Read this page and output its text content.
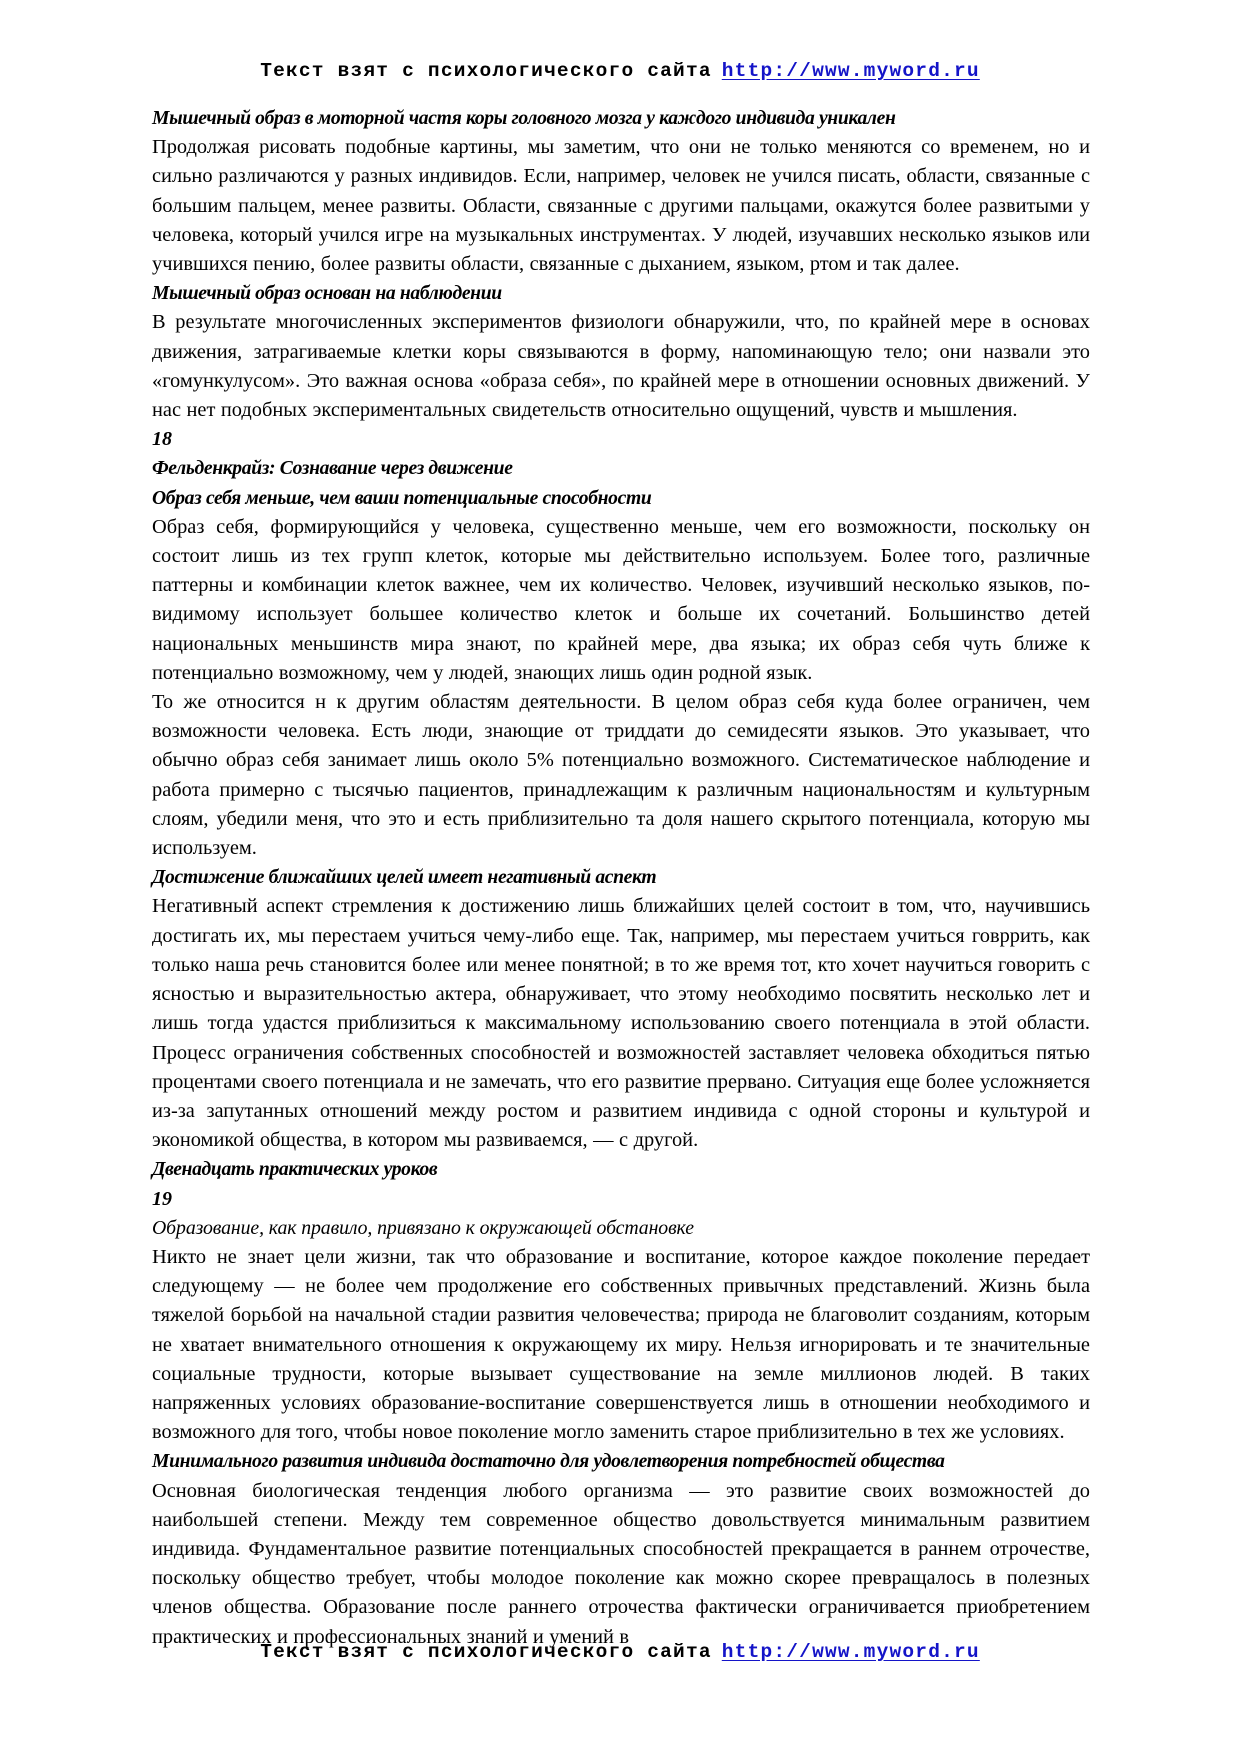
Текст взят с психологического сайта http://www.myword.ru

Мышечный образ в моторной частя коры головного мозга у каждого индивида уникален

Продолжая рисовать подобные картины, мы заметим, что они не только меняются со временем, но и сильно различаются у разных индивидов. Если, например, человек не учился писать, области, связанные с большим пальцем, менее развиты. Области, связанные с другими пальцами, окажутся более развитыми у человека, который учился игре на музыкальных инструментах. У людей, изучавших несколько языков или учившихся пению, более развиты области, связанные с дыханием, языком, ртом и так далее.

Мышечный образ основан на наблюдении

В результате многочисленных экспериментов физиологи обнаружили, что, по крайней мере в основах движения, затрагиваемые клетки коры связываются в форму, напоминающую тело; они назвали это «гомункулусом». Это важная основа «образа себя», по крайней мере в отношении основных движений. У нас нет подобных экспериментальных свидетельств относительно ощущений, чувств и мышления.

18

Фельденкрайз: Сознавание через движение

Образ себя меньше, чем ваши потенциальные способности

Образ себя, формирующийся у человека, существенно меньше, чем его возможности, поскольку он состоит лишь из тех групп клеток, которые мы действительно используем. Более того, различные паттерны и комбинации клеток важнее, чем их количество. Человек, изучивший несколько языков, по-видимому использует большее количество клеток и больше их сочетаний. Большинство детей национальных меньшинств мира знают, по крайней мере, два языка; их образ себя чуть ближе к потенциально возможному, чем у людей, знающих лишь один родной язык.

То же относится н к другим областям деятельности. В целом образ себя куда более ограничен, чем возможности человека. Есть люди, знающие от триддати до семидесяти языков. Это указывает, что обычно образ себя занимает лишь около 5% потенциально возможного. Систематическое наблюдение и работа примерно с тысячью пациентов, принадлежащим к различным национальностям и культурным слоям, убедили меня, что это и есть приблизительно та доля нашего скрытого потенциала, которую мы используем.

Достижение ближайших целей имеет негативный аспект

Негативный аспект стремления к достижению лишь ближайших целей состоит в том, что, научившись достигать их, мы перестаем учиться чему-либо еще. Так, например, мы перестаем учиться говррить, как только наша речь становится более или менее понятной; в то же время тот, кто хочет научиться говорить с ясностью и выразительностью актера, обнаруживает, что этому необходимо посвятить несколько лет и лишь тогда удастся приблизиться к максимальному использованию своего потенциала в этой области. Процесс ограничения собственных способностей и возможностей заставляет человека обходиться пятью процентами своего потенциала и не замечать, что его развитие прервано. Ситуация еще более усложняется из-за запутанных отношений между ростом и развитием индивида с одной стороны и культурой и экономикой общества, в котором мы развиваемся, — с другой.

Двенадцать практических уроков

19

Образование, как правило, привязано к окружающей обстановке

Никто не знает цели жизни, так что образование и воспитание, которое каждое поколение передает следующему — не более чем продолжение его собственных привычных представлений. Жизнь была тяжелой борьбой на начальной стадии развития человечества; природа не благоволит созданиям, которым не хватает внимательного отношения к окружающему их миру. Нельзя игнорировать и те значительные социальные трудности, которые вызывает существование на земле миллионов людей. В таких напряженных условиях образование-воспитание совершенствуется лишь в отношении необходимого и возможного для того, чтобы новое поколение могло заменить старое приблизительно в тех же условиях.

Минимального развития индивида достаточно для удовлетворения потребностей общества

Основная биологическая тенденция любого организма — это развитие своих возможностей до наибольшей степени. Между тем современное общество довольствуется минимальным развитием индивида. Фундаментальное развитие потенциальных способностей прекращается в раннем отрочестве, поскольку общество требует, чтобы молодое поколение как можно скорее превращалось в полезных членов общества. Образование после раннего отрочества фактически ограничивается приобретением практических и профессиональных знаний и умений в

Текст взят с психологического сайта http://www.myword.ru
